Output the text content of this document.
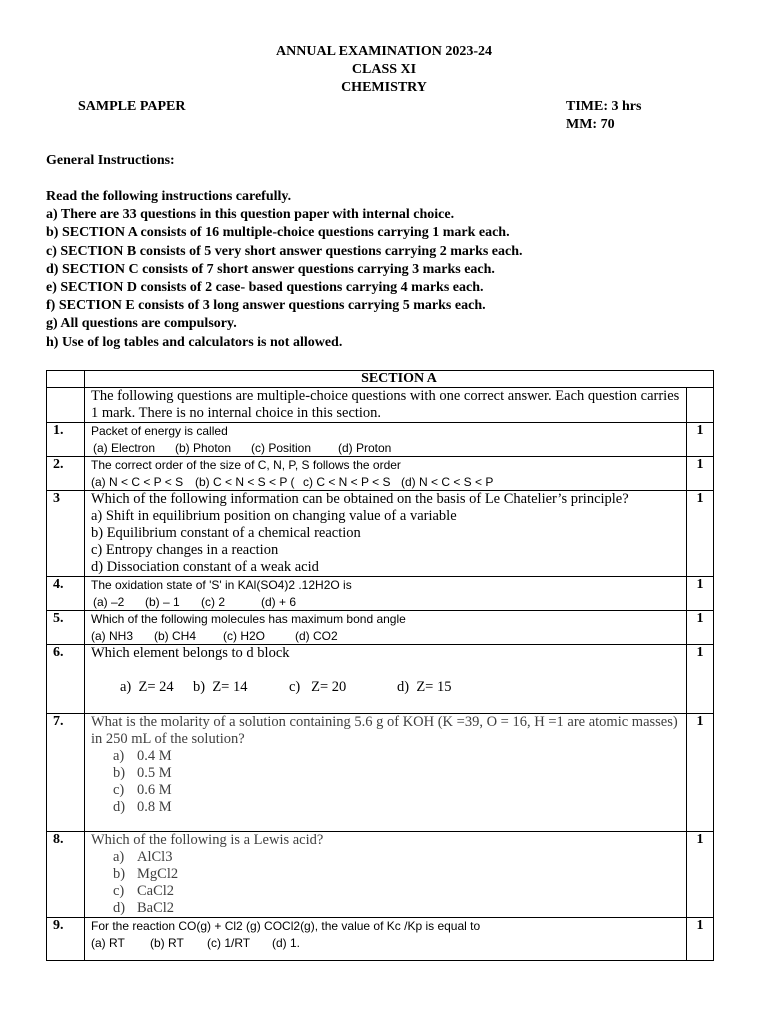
ANNUAL EXAMINATION 2023-24
CLASS XI
CHEMISTRY
SAMPLE PAPER	TIME: 3 hrs
MM: 70
General Instructions:
Read the following instructions carefully.
a) There are 33 questions in this question paper with internal choice.
b) SECTION A consists of 16 multiple-choice questions carrying 1 mark each.
c) SECTION B consists of 5 very short answer questions carrying 2 marks each.
d) SECTION C consists of 7 short answer questions carrying 3 marks each.
e) SECTION D consists of 2 case- based questions carrying 4 marks each.
f) SECTION E consists of 3 long answer questions carrying 5 marks each.
g) All questions are compulsory.
h) Use of log tables and calculators is not allowed.
	SECTION A	
	The following questions are multiple-choice questions with one correct answer. Each question carries 1 mark. There is no internal choice in this section.	
1.	Packet of energy is called
(a) Electron (b) Photon (c) Position (d) Proton	1
2.	The correct order of the size of C, N, P, S follows the order
(a) N < C < P < S (b) C < N < S < P ( c) C < N < P < S (d) N < C < S < P	1
3	Which of the following information can be obtained on the basis of Le Chatelier’s principle?
a) Shift in equilibrium position on changing value of a variable
b) Equilibrium constant of a chemical reaction
c) Entropy changes in a reaction
d) Dissociation constant of a weak acid	1
4.	The oxidation state of 'S' in KAl(SO4)2 .12H2O is
(a) –2 (b) – 1 (c) 2 (d) + 6	1
5.	Which of the following molecules has maximum bond angle
(a) NH3 (b) CH4 (c) H2O (d) CO2	1
6.	Which element belongs to d block

a)  Z= 24 b)  Z= 14 c)   Z= 20 d)  Z= 15	1
7.	What is the molarity of a solution containing 5.6 g of KOH (K =39, O = 16, H =1 are atomic masses) in 250 mL of the solution?
a) 0.4 M
b) 0.5 M
c) 0.6 M
d) 0.8 M	1
8.	Which of the following is a Lewis acid?
a) AlCl3
b) MgCl2
c) CaCl2
d) BaCl2	1
9.	For the reaction CO(g) + Cl2 (g) COCl2(g), the value of Kc /Kp is equal to
(a) RT (b) RT (c) 1/RT (d) 1.	1
